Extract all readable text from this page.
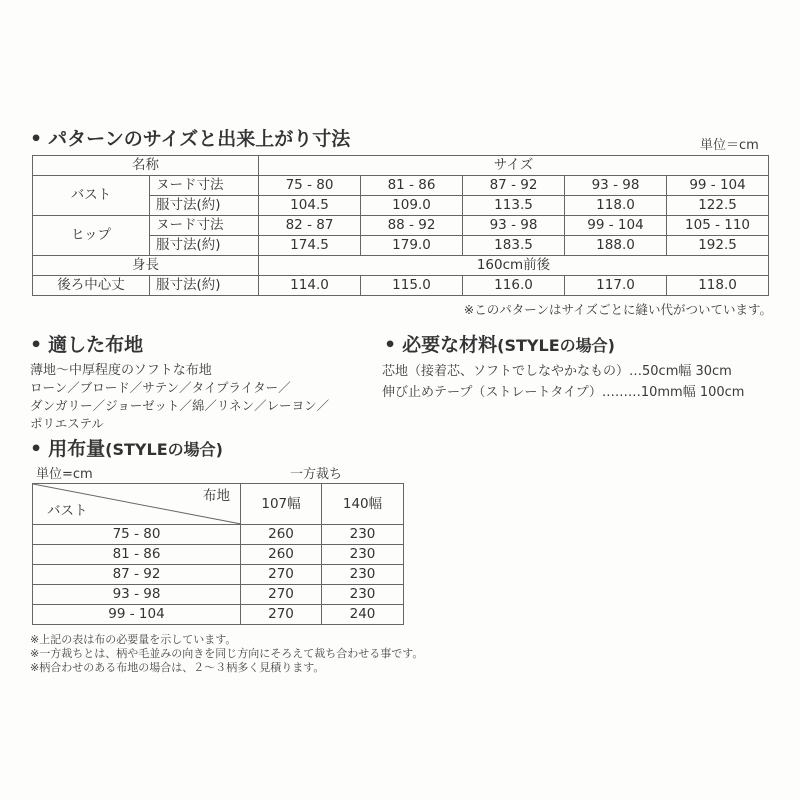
• パターンのサイズと出来上がり寸法	単位＝cm
名称		サイズ				
バスト	ヌード寸法	75 - 80	81 - 86	87 - 92	93 - 98	99 - 104
	服寸法(約)	104.5	109.0	113.5	118.0	122.5
ヒップ	ヌード寸法	82 - 87	88 - 92	93 - 98	99 - 104	105 - 110
	服寸法(約)	174.5	179.0	183.5	188.0	192.5
身長		160cm前後				
後ろ中心丈	服寸法(約)	114.0	115.0	116.0	117.0	118.0
※このパターンはサイズごとに縫い代がついています。
• 適した布地
薄地〜中厚程度のソフトな布地
ローン／ブロード／サテン／タイプライター／
ダンガリー／ジョーゼット／綿／リネン／レーヨン／
ポリエステル
• 必要な材料(STYLEの場合)
芯地（接着芯、ソフトでしなやかなもの）…50cm幅 30cm
伸び止めテープ（ストレートタイプ）………10mm幅 100cm
• 用布量(STYLEの場合)
単位=cm	一方裁ち
布地
バスト	107幅	140幅
75 - 80	260	230
81 - 86	260	230
87 - 92	270	230
93 - 98	270	230
99 - 104	270	240
※上記の表は布の必要量を示しています。
※一方裁ちとは、柄や毛並みの向きを同じ方向にそろえて裁ち合わせる事です。
※柄合わせのある布地の場合は、２〜３柄多く見積ります。
